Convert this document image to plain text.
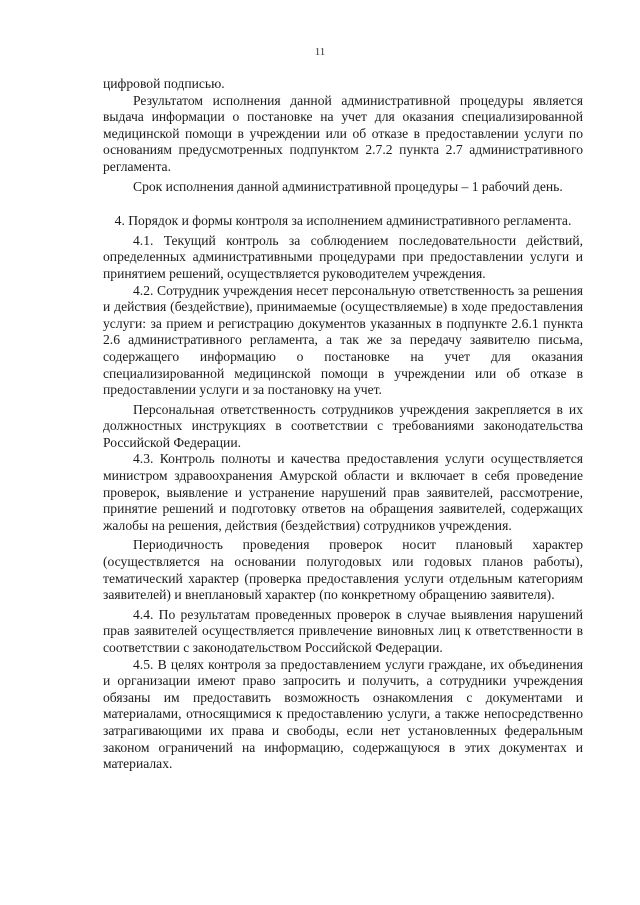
11

цифровой подписью.

Результатом исполнения данной административной процедуры является выдача информации о постановке на учет для оказания специализированной медицинской помощи в учреждении или об отказе в предоставлении услуги по основаниям предусмотренных подпунктом 2.7.2 пункта 2.7 административного регламента.

Срок исполнения данной административной процедуры – 1 рабочий день.

4. Порядок и формы контроля за исполнением административного регламента.

4.1. Текущий контроль за соблюдением последовательности действий, определенных административными процедурами при предоставлении услуги и принятием решений, осуществляется руководителем учреждения.

4.2. Сотрудник учреждения несет персональную ответственность за решения и действия (бездействие), принимаемые (осуществляемые) в ходе предоставления услуги: за прием и регистрацию документов указанных в подпункте 2.6.1 пункта 2.6 административного регламента, а так же за передачу заявителю письма, содержащего информацию о постановке на учет для оказания специализированной медицинской помощи в учреждении или об отказе в предоставлении услуги и за постановку на учет.

Персональная ответственность сотрудников учреждения закрепляется в их должностных инструкциях в соответствии с требованиями законодательства Российской Федерации.

4.3. Контроль полноты и качества предоставления услуги осуществляется министром здравоохранения Амурской области и включает в себя проведение проверок, выявление и устранение нарушений прав заявителей, рассмотрение, принятие решений и подготовку ответов на обращения заявителей, содержащих жалобы на решения, действия (бездействия) сотрудников учреждения.

Периодичность проведения проверок носит плановый характер (осуществляется на основании полугодовых или годовых планов работы), тематический характер (проверка предоставления услуги отдельным категориям заявителей) и внеплановый характер (по конкретному обращению заявителя).

4.4. По результатам проведенных проверок в случае выявления нарушений прав заявителей осуществляется привлечение виновных лиц к ответственности в соответствии с законодательством Российской Федерации.

4.5. В целях контроля за предоставлением услуги граждане, их объединения и организации имеют право запросить и получить, а сотрудники учреждения обязаны им предоставить возможность ознакомления с документами и материалами, относящимися к предоставлению услуги, а также непосредственно затрагивающими их права и свободы, если нет установленных федеральным законом ограничений на информацию, содержащуюся в этих документах и материалах.
